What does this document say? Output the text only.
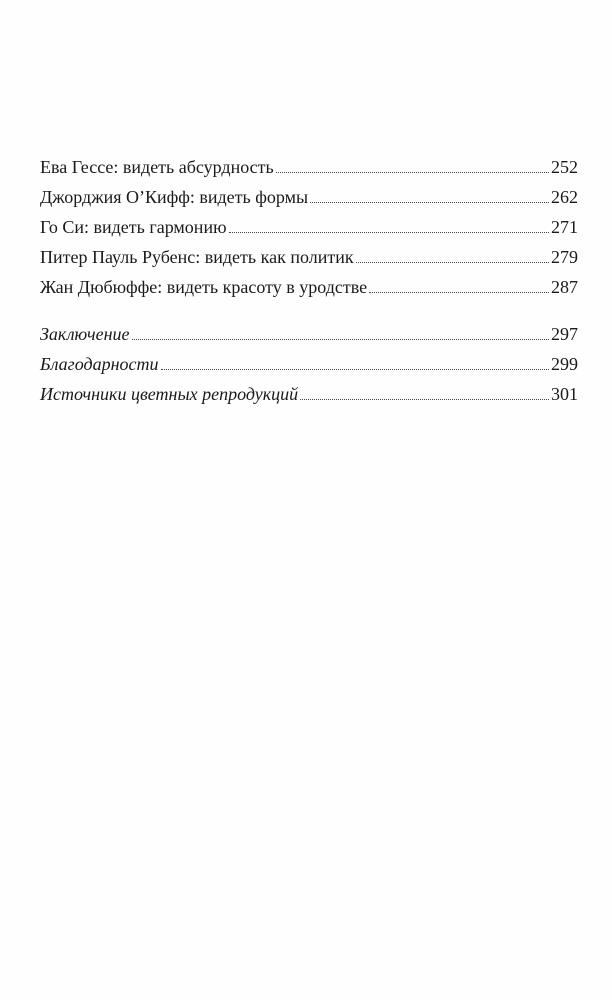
Ева Гессе: видеть абсурдность	252
Джорджия О’Кифф: видеть формы	262
Го Си: видеть гармонию	271
Питер Пауль Рубенс: видеть как политик	279
Жан Дюбюффе: видеть красоту в уродстве	287
Заключение	297
Благодарности	299
Источники цветных репродукций	301
